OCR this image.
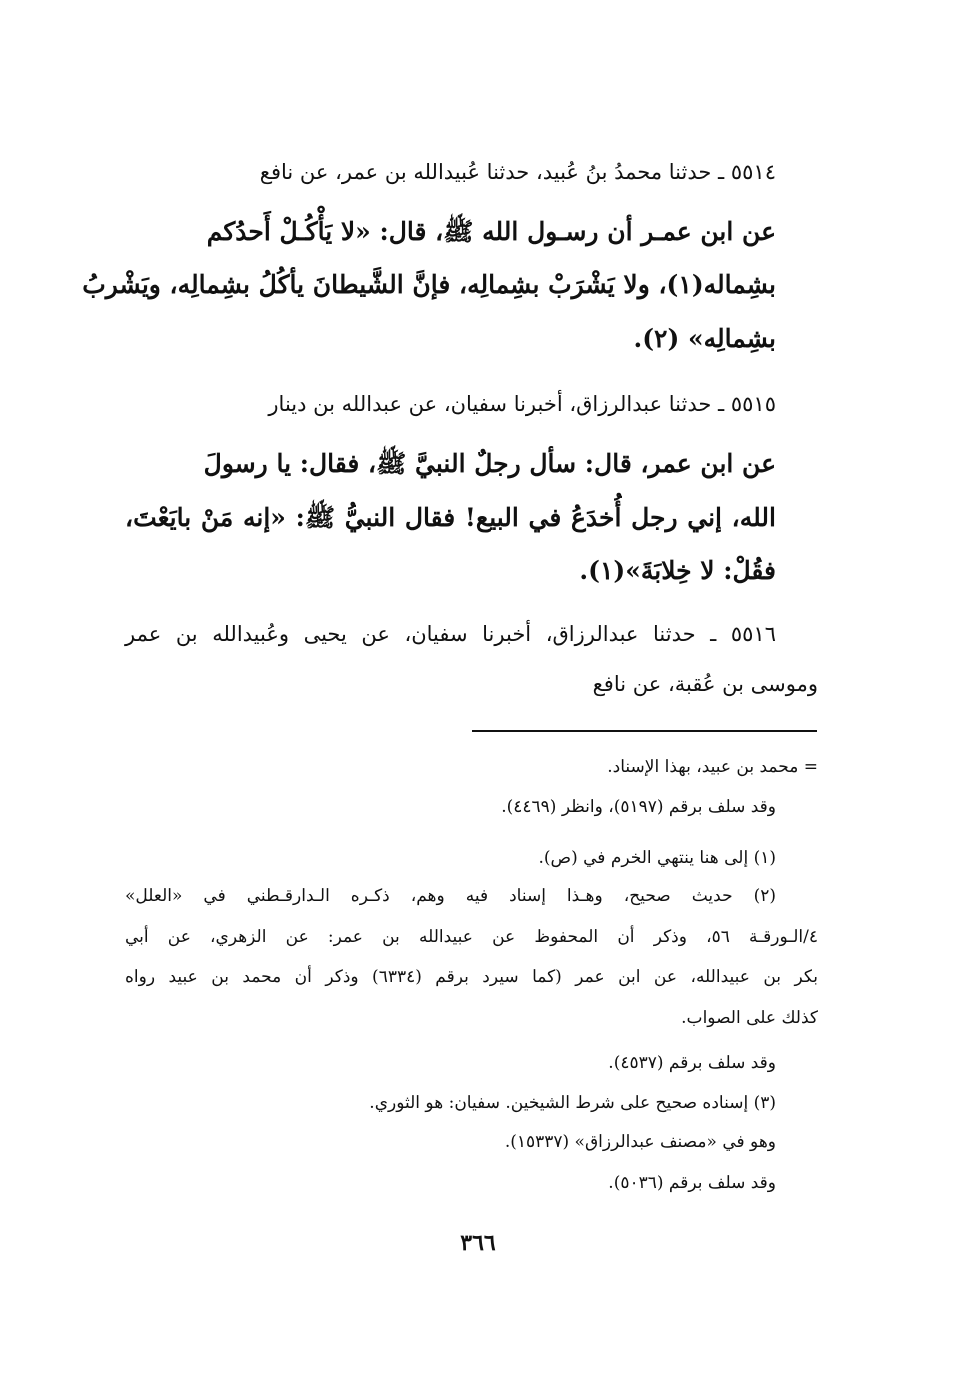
٥٥١٤ ـ حدثنا محمدُ بنُ عُبيد، حدثنا عُبيدالله بن عمر، عن نافع
عن ابن عمـر أن رسـول الله ﷺ، قال: «لا يَأْكُـلْ أَحدُكم
بشِماله(١)، ولا يَشْرَبْ بشِمالِه، فإنَّ الشَّيطانَ يأكُلُ بشِمالِه، ويَشْربُ
بشِمالِه» (٢).
٥٥١٥ ـ حدثنا عبدالرزاق، أخبرنا سفيان، عن عبدالله بن دينار
عن ابن عمر، قال: سأل رجلٌ النبيَّ ﷺ، فقال: يا رسولَ
الله، إني رجل أُخدَعُ في البيع! فقال النبيُّ ﷺ: «إنه مَنْ بايَعْتَ،
فقُلْ: لا خِلابَةَ»(١).
٥٥١٦ ـ حدثنا عبدالرزاق، أخبرنا سفيان، عن يحيى وعُبيدالله بن عمر
وموسى بن عُقبة، عن نافع
= محمد بن عبيد، بهذا الإسناد.
وقد سلف برقم (٥١٩٧)، وانظر (٤٤٦٩).
(١) إلى هنا ينتهي الخرم في (ص).
(٢) حديث صحيح، وهـذا إسناد فيه وهم، ذكـره الـدارقـطني في «العلل»
٤/الـورقـة ٥٦، وذكر أن المحفوظ عن عبيدالله بن عمر: عن الزهري، عن أبي
بكر بن عبيدالله، عن ابن عمر (كما سيرد برقم (٦٣٣٤) وذكر أن محمد بن عبيد رواه
كذلك على الصواب.
وقد سلف برقم (٤٥٣٧).
(٣) إسناده صحيح على شرط الشيخين. سفيان: هو الثوري.
وهو في «مصنف عبدالرزاق» (١٥٣٣٧).
وقد سلف برقم (٥٠٣٦).
٣٦٦
